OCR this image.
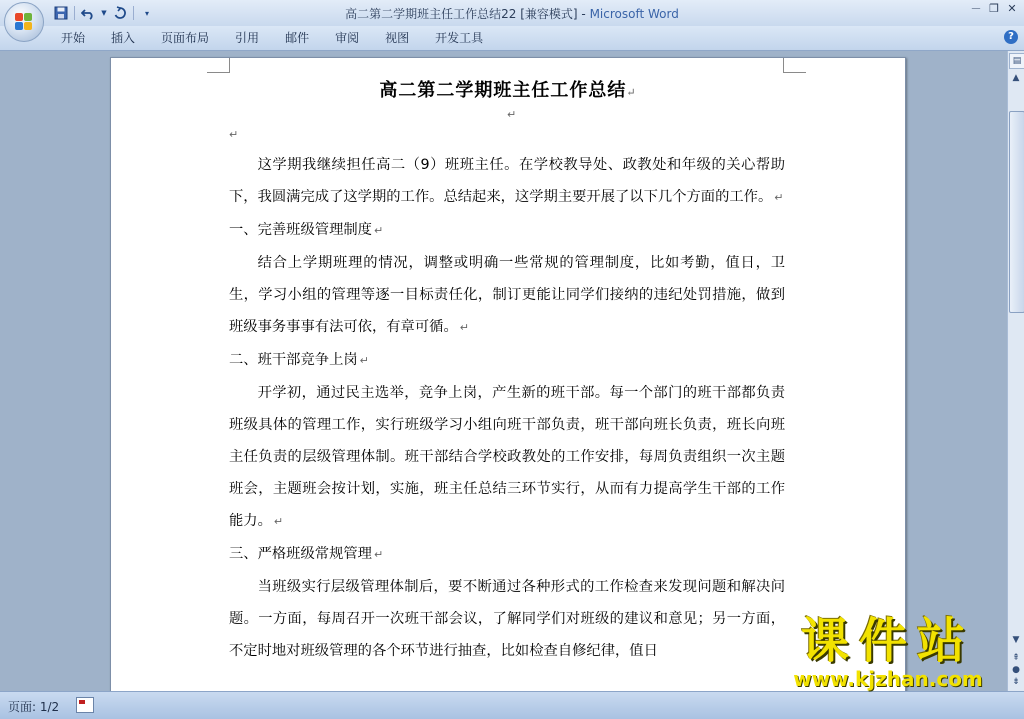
▼	▾	高二第二学期班主任工作总结22 [兼容模式] - Microsoft Word	－ ❐ ✕
开始	插入	页面布局	引用	邮件	审阅	视图	开发工具	?
高二第二学期班主任工作总结↵
↵
↵

这学期我继续担任高二（9）班班主任。在学校教导处、政教处和年级的关心帮助下，我圆满完成了这学期的工作。总结起来，这学期主要开展了以下几个方面的工作。 ↵

一、完善班级管理制度 ↵

结合上学期班理的情况，调整或明确一些常规的管理制度，比如考勤，值日，卫生，学习小组的管理等逐一目标责任化，制订更能让同学们接纳的违纪处罚措施，做到班级事务事事有法可依，有章可循。 ↵

二、班干部竞争上岗 ↵

开学初，通过民主选举，竞争上岗，产生新的班干部。每一个部门的班干部都负责班级具体的管理工作，实行班级学习小组向班干部负责，班干部向班长负责，班长向班主任负责的层级管理体制。班干部结合学校政教处的工作安排，每周负责组织一次主题班会，主题班会按计划，实施，班主任总结三环节实行，从而有力提高学生干部的工作能力。 ↵

三、严格班级常规管理 ↵

当班级实行层级管理体制后，要不断通过各种形式的工作检查来发现问题和解决问题。一方面，每周召开一次班干部会议，了解同学们对班级的建议和意见；另一方面，不定时地对班级管理的各个环节进行抽查，比如检查自修纪律，值日

▤
▲
▼
⇞
●
⇟
课件站
www.kjzhan.com
页面: 1/2
